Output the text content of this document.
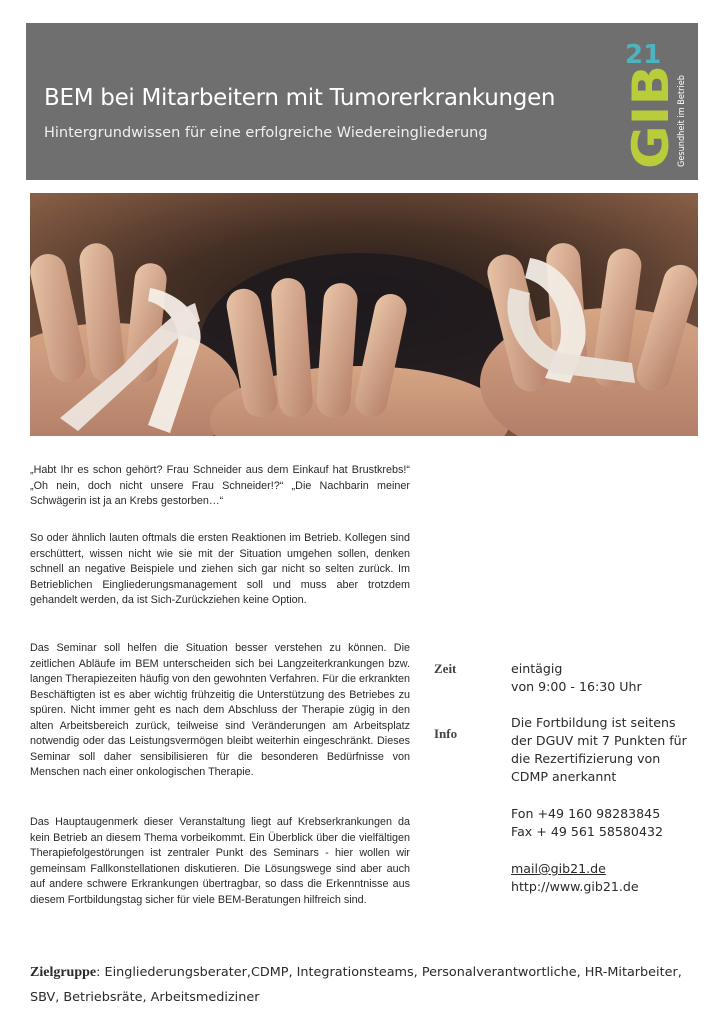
BEM bei Mitarbeitern mit Tumorerkrankungen
Hintergrundwissen für eine erfolgreiche Wiedereingliederung
21
GIB
Gesundheit im Betrieb

„Habt Ihr es schon gehört? Frau Schneider aus dem Einkauf hat Brustkrebs!“ „Oh nein, doch nicht unsere Frau Schneider!?“ „Die Nachbarin meiner Schwägerin ist ja an Krebs gestorben…“

So oder ähnlich lauten oftmals die ersten Reaktionen im Betrieb. Kollegen sind erschüttert, wissen nicht wie sie mit der Situation umgehen sollen, denken schnell an negative Beispiele und ziehen sich gar nicht so selten zurück. Im Betrieblichen Eingliederungsmanagement soll und muss aber trotzdem gehandelt werden, da ist Sich-Zurückziehen keine Option.

Das Seminar soll helfen die Situation besser verstehen zu können. Die zeitlichen Abläufe im BEM unterscheiden sich bei Langzeiterkrankungen bzw. langen Therapiezeiten häufig von den gewohnten Verfahren. Für die erkrankten Beschäftigten ist es aber wichtig frühzeitig die Unterstützung des Betriebes zu spüren. Nicht immer geht es nach dem Abschluss der Therapie zügig in den alten Arbeitsbereich zurück, teilweise sind Veränderungen am Arbeitsplatz notwendig oder das Leistungsvermögen bleibt weiterhin eingeschränkt. Dieses Seminar soll daher sensibilisieren für die besonderen Bedürfnisse von Menschen nach einer onkologischen Therapie.

Das Hauptaugenmerk dieser Veranstaltung liegt auf Krebserkrankungen da kein Betrieb an diesem Thema vorbeikommt. Ein Überblick über die vielfältigen Therapiefolgestörungen ist zentraler Punkt des Seminars - hier wollen wir gemeinsam Fallkonstellationen diskutieren. Die Lösungswege sind aber auch auf andere schwere Erkrankungen übertragbar, so dass die Erkenntnisse aus diesem Fortbildungstag sicher für viele BEM-Beratungen hilfreich sind.

Zeit	eintägig
von 9:00 - 16:30 Uhr
Info
Die Fortbildung ist seitens
der DGUV mit 7 Punkten für
die Rezertifizierung von
CDMP anerkannt
Fon +49 160 98283845
Fax + 49 561 58580432
mail@gib21.de
http://www.gib21.de
Zielgruppe: Eingliederungsberater,CDMP, Integrationsteams, Personalverantwortliche, HR-Mitarbeiter, SBV, Betriebsräte, Arbeitsmediziner
